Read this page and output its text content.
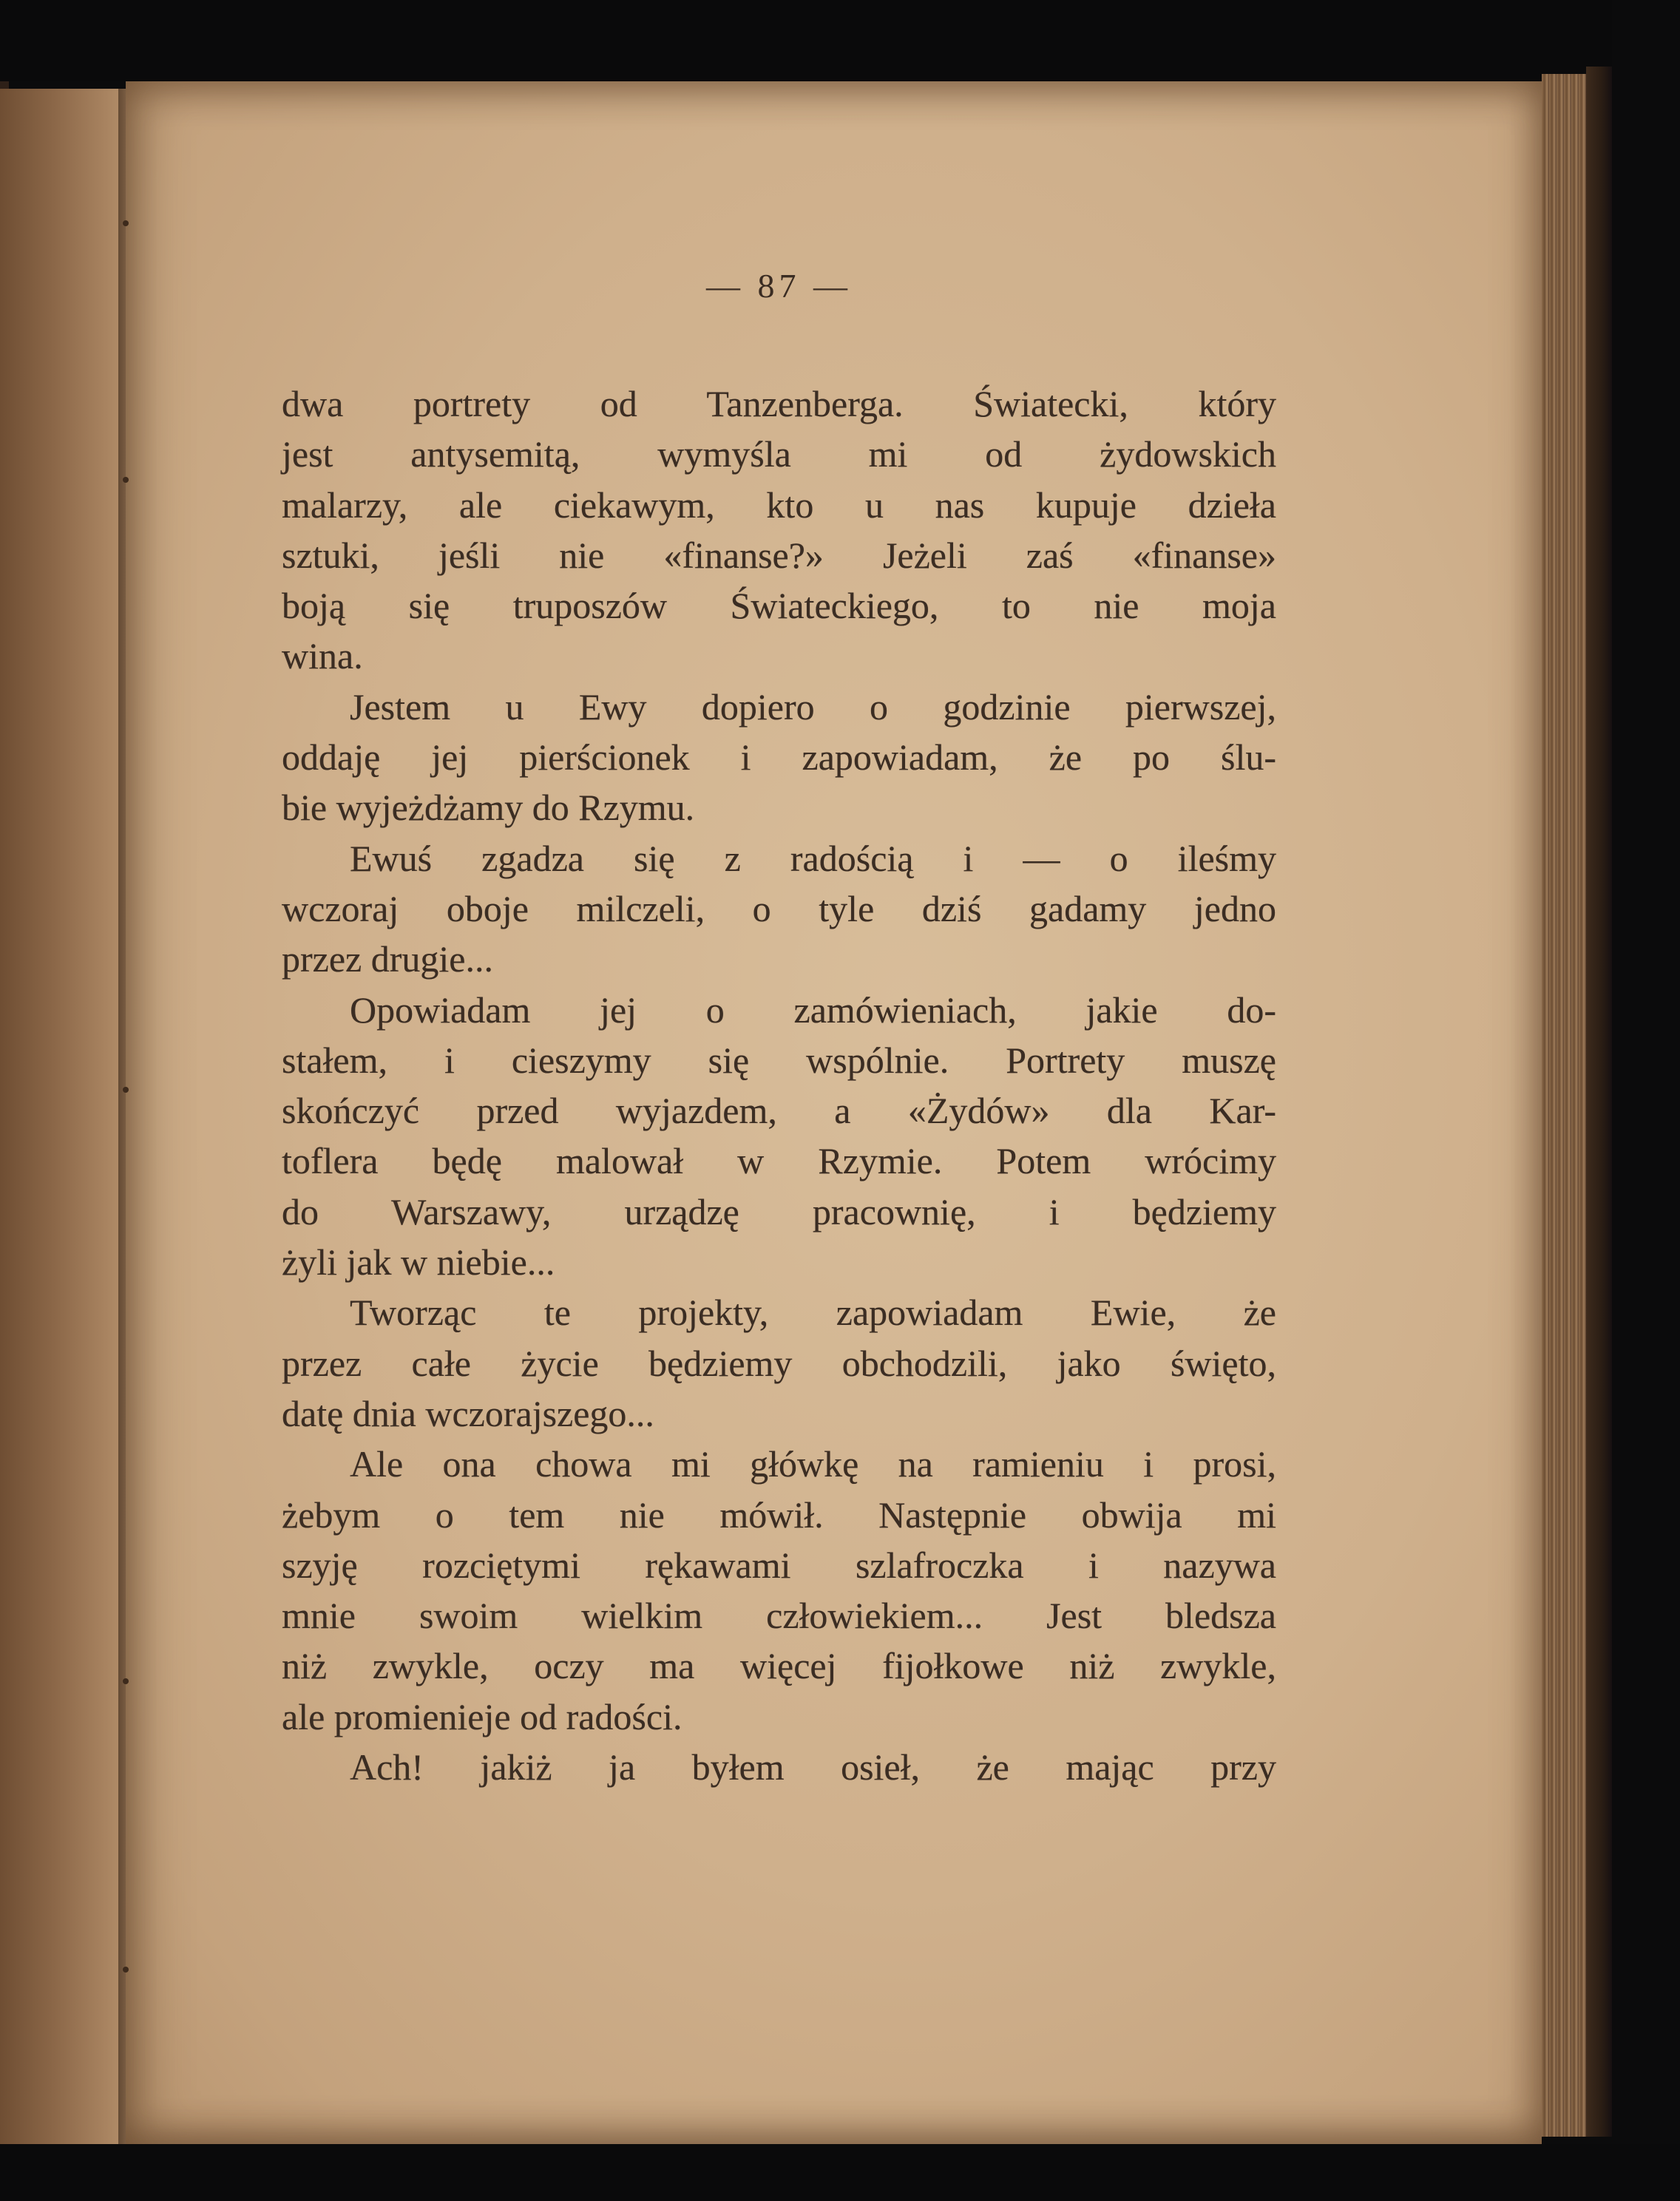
— 87 —
dwa portrety od Tanzenberga. Światecki, który
jest antysemitą, wymyśla mi od żydowskich
malarzy, ale ciekawym, kto u nas kupuje dzieła
sztuki, jeśli nie «finanse?» Jeżeli zaś «finanse»
boją się truposzów Świateckiego, to nie moja
wina.
Jestem u Ewy dopiero o godzinie pierwszej,
oddaję jej pierścionek i zapowiadam, że po ślu-
bie wyjeżdżamy do Rzymu.
Ewuś zgadza się z radością i — o ileśmy
wczoraj oboje milczeli, o tyle dziś gadamy jedno
przez drugie...
Opowiadam jej o zamówieniach, jakie do-
stałem, i cieszymy się wspólnie. Portrety muszę
skończyć przed wyjazdem, a «Żydów» dla Kar-
toflera będę malował w Rzymie. Potem wrócimy
do Warszawy, urządzę pracownię, i będziemy
żyli jak w niebie...
Tworząc te projekty, zapowiadam Ewie, że
przez całe życie będziemy obchodzili, jako święto,
datę dnia wczorajszego...
Ale ona chowa mi główkę na ramieniu i prosi,
żebym o tem nie mówił. Następnie obwija mi
szyję rozciętymi rękawami szlafroczka i nazywa
mnie swoim wielkim człowiekiem... Jest bledsza
niż zwykle, oczy ma więcej fijołkowe niż zwykle,
ale promienieje od radości.
Ach! jakiż ja byłem osieł, że mając przy
